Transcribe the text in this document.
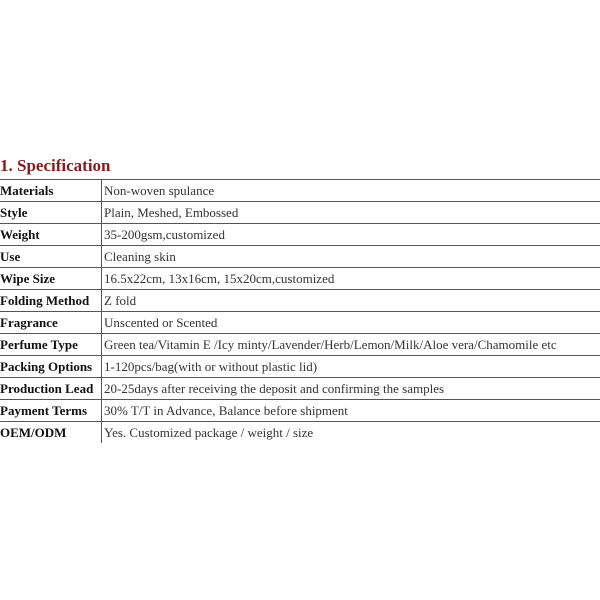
1. Specification
Materials	Non-woven spulance
Style	Plain, Meshed, Embossed
Weight	35-200gsm,customized
Use	Cleaning skin
Wipe Size	16.5x22cm, 13x16cm, 15x20cm,customized
Folding Method	Z fold
Fragrance	Unscented or Scented
Perfume Type	Green tea/Vitamin E /Icy minty/Lavender/Herb/Lemon/Milk/Aloe vera/Chamomile etc
Packing Options	1-120pcs/bag(with or without plastic lid)
Production Lead	20-25days after receiving the deposit and confirming the samples
Payment Terms	30% T/T in Advance, Balance before shipment
OEM/ODM	Yes. Customized package / weight / size
